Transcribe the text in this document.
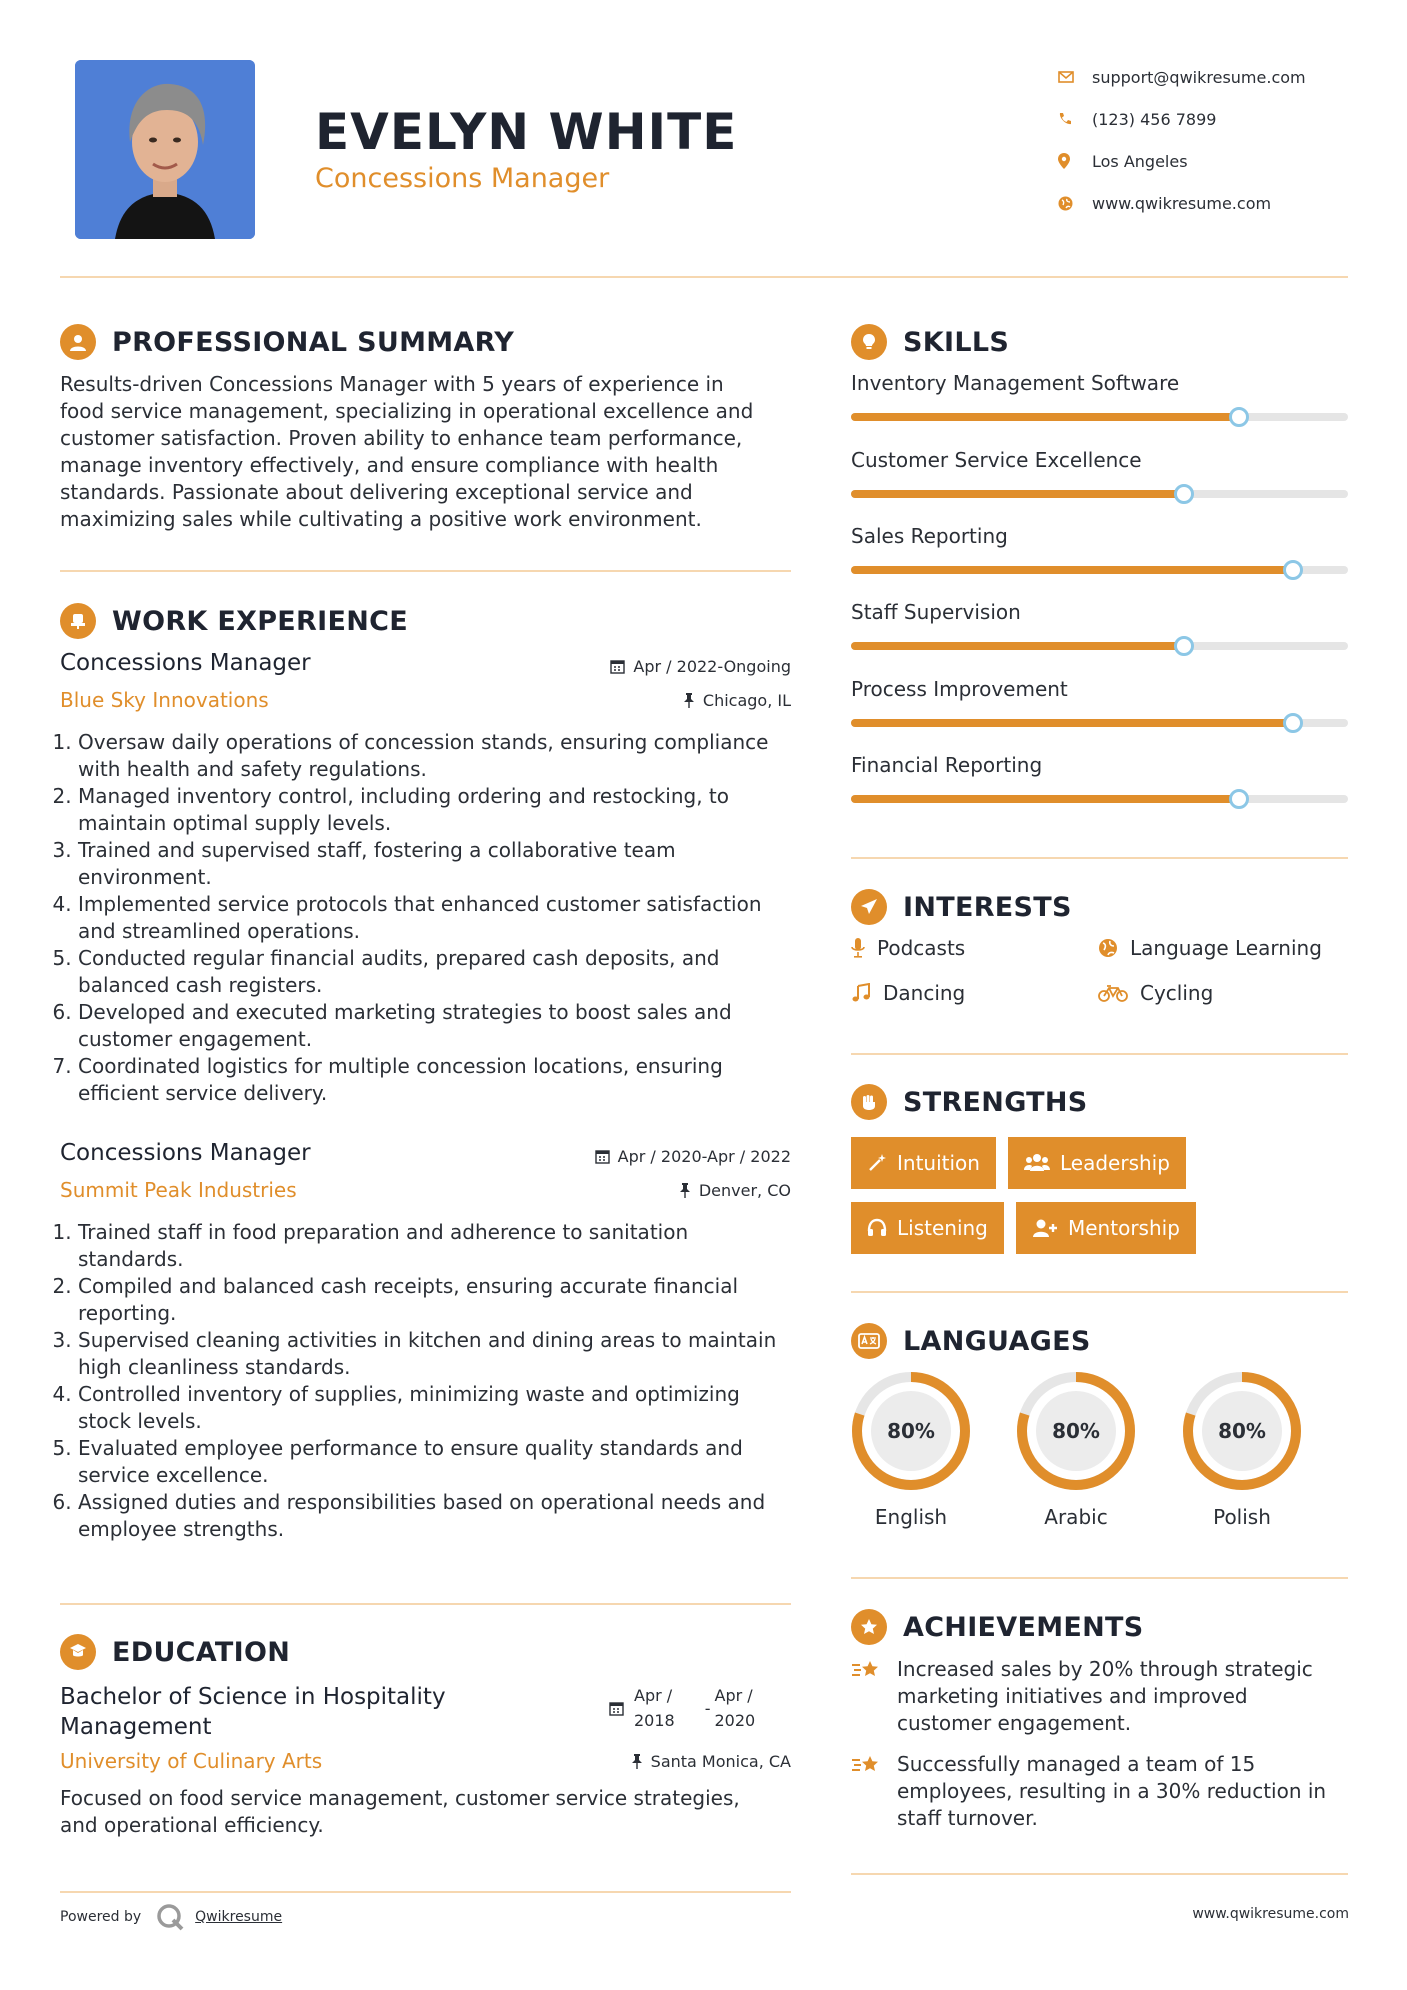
EVELYN WHITE
Concessions Manager
support@qwikresume.com
(123) 456 7899
Los Angeles
www.qwikresume.com
PROFESSIONAL SUMMARY
Results-driven Concessions Manager with 5 years of experience in
food service management, specializing in operational excellence and
customer satisfaction. Proven ability to enhance team performance,
manage inventory effectively, and ensure compliance with health
standards. Passionate about delivering exceptional service and
maximizing sales while cultivating a positive work environment.
WORK EXPERIENCE
Concessions Manager	Apr / 2022-Ongoing
Blue Sky Innovations	Chicago, IL
1. Oversaw daily operations of concession stands, ensuring compliance with health and safety regulations.
2. Managed inventory control, including ordering and restocking, to maintain optimal supply levels.
3. Trained and supervised staff, fostering a collaborative team environment.
4. Implemented service protocols that enhanced customer satisfaction and streamlined operations.
5. Conducted regular financial audits, prepared cash deposits, and balanced cash registers.
6. Developed and executed marketing strategies to boost sales and customer engagement.
7. Coordinated logistics for multiple concession locations, ensuring efficient service delivery.
Concessions Manager	Apr / 2020-Apr / 2022
Summit Peak Industries	Denver, CO
1. Trained staff in food preparation and adherence to sanitation standards.
2. Compiled and balanced cash receipts, ensuring accurate financial reporting.
3. Supervised cleaning activities in kitchen and dining areas to maintain high cleanliness standards.
4. Controlled inventory of supplies, minimizing waste and optimizing stock levels.
5. Evaluated employee performance to ensure quality standards and service excellence.
6. Assigned duties and responsibilities based on operational needs and employee strengths.
EDUCATION
Bachelor of Science in Hospitality
Management
Apr /
2018
-
Apr /
2020
University of Culinary Arts	Santa Monica, CA
Focused on food service management, customer service strategies,
and operational efficiency.
SKILLS
Inventory Management Software
Customer Service Excellence
Sales Reporting
Staff Supervision
Process Improvement
Financial Reporting
INTERESTS
Podcasts	Language Learning
Dancing	Cycling
STRENGTHS
Intuition	Leadership
Listening	Mentorship
LANGUAGES
80%
English
80%
Arabic
80%
Polish
ACHIEVEMENTS
Increased sales by 20% through strategic
marketing initiatives and improved
customer engagement.
Successfully managed a team of 15
employees, resulting in a 30% reduction in
staff turnover.
Powered by	Qwikresume	www.qwikresume.com
